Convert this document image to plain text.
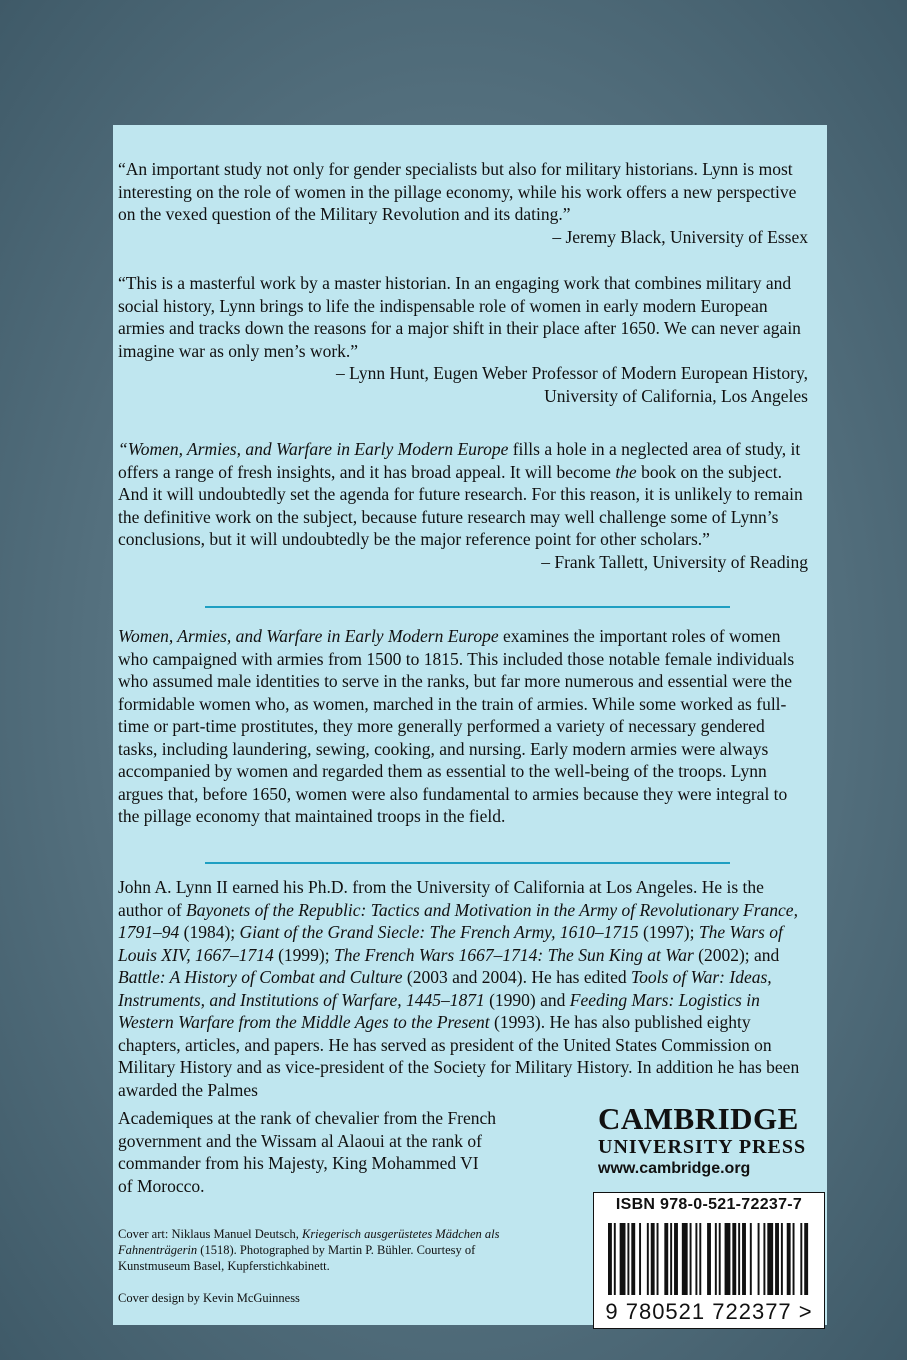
“An important study not only for gender specialists but also for military historians. Lynn is most interesting on the role of women in the pillage economy, while his work offers a new perspective on the vexed question of the Military Revolution and its dating.”

– Jeremy Black, University of Essex

“This is a masterful work by a master historian. In an engaging work that combines military and social history, Lynn brings to life the indispensable role of women in early modern European armies and tracks down the reasons for a major shift in their place after 1650. We can never again imagine war as only men’s work.”

– Lynn Hunt, Eugen Weber Professor of Modern European History,

University of California, Los Angeles

“Women, Armies, and Warfare in Early Modern Europe fills a hole in a neglected area of study, it offers a range of fresh insights, and it has broad appeal. It will become the book on the subject. And it will undoubtedly set the agenda for future research. For this reason, it is unlikely to remain the definitive work on the subject, because future research may well challenge some of Lynn’s conclusions, but it will undoubtedly be the major reference point for other scholars.”

– Frank Tallett, University of Reading

Women, Armies, and Warfare in Early Modern Europe examines the important roles of women who campaigned with armies from 1500 to 1815. This included those notable female individuals who assumed male identities to serve in the ranks, but far more numerous and essential were the formidable women who, as women, marched in the train of armies. While some worked as full-time or part-time prostitutes, they more generally performed a variety of necessary gendered tasks, including laundering, sewing, cooking, and nursing. Early modern armies were always accompanied by women and regarded them as essential to the well-being of the troops. Lynn argues that, before 1650, women were also fundamental to armies because they were integral to the pillage economy that maintained troops in the field.
John A. Lynn II earned his Ph.D. from the University of California at Los Angeles. He is the author of Bayonets of the Republic: Tactics and Motivation in the Army of Revolutionary France, 1791–94 (1984); Giant of the Grand Siecle: The French Army, 1610–1715 (1997); The Wars of Louis XIV, 1667–1714 (1999); The French Wars 1667–1714: The Sun King at War (2002); and Battle: A History of Combat and Culture (2003 and 2004). He has edited Tools of War: Ideas, Instruments, and Institutions of Warfare, 1445–1871 (1990) and Feeding Mars: Logistics in Western Warfare from the Middle Ages to the Present (1993). He has also published eighty chapters, articles, and papers. He has served as president of the United States Commission on Military History and as vice-president of the Society for Military History. In addition he has been awarded the Palmes
Academiques at the rank of chevalier from the French
government and the Wissam al Alaoui at the rank of
commander from his Majesty, King Mohammed VI
of Morocco.
Cover art: Niklaus Manuel Deutsch, Kriegerisch ausgerüstetes Mädchen als Fahnenträgerin (1518). Photographed by Martin P. Bühler. Courtesy of Kunstmuseum Basel, Kupferstichkabinett.
Cover design by Kevin McGuinness
CAMBRIDGE
UNIVERSITY PRESS
www.cambridge.org
ISBN 978-0-521-72237-7
9 780521 722377 >
